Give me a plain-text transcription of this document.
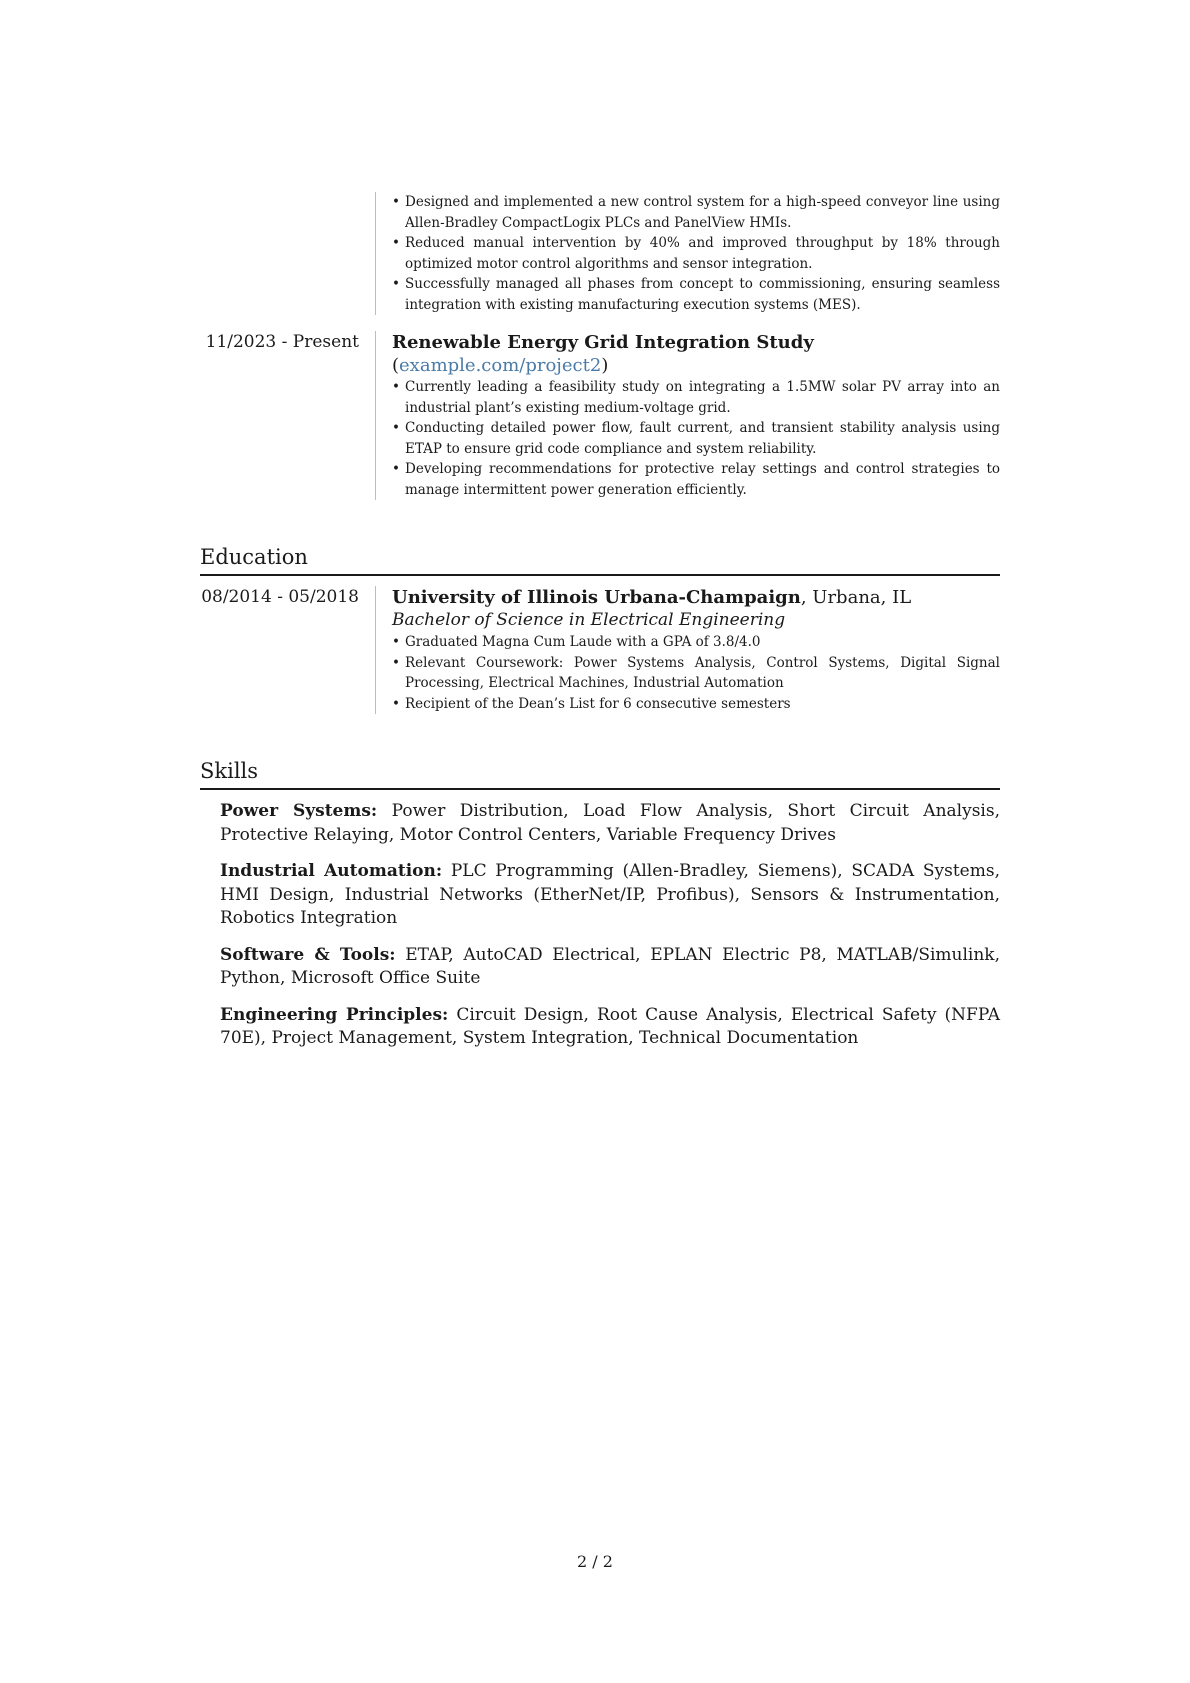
• Designed and implemented a new control system for a high-speed conveyor line using Allen-Bradley CompactLogix PLCs and PanelView HMIs.
• Reduced manual intervention by 40% and improved throughput by 18% through optimized motor control algorithms and sensor integration.
• Successfully managed all phases from concept to commissioning, ensuring seamless integration with existing manufacturing execution systems (MES).
11/2023 - Present	Renewable Energy Grid Integration Study (example.com/project2)
• Currently leading a feasibility study on integrating a 1.5MW solar PV array into an industrial plant’s existing medium-voltage grid.
• Conducting detailed power flow, fault current, and transient stability analysis using ETAP to ensure grid code compliance and system reliability.
• Developing recommendations for protective relay settings and control strategies to manage intermittent power generation efficiently.
Education
08/2014 - 05/2018	University of Illinois Urbana-Champaign, Urbana, IL
Bachelor of Science in Electrical Engineering
• Graduated Magna Cum Laude with a GPA of 3.8/4.0
• Relevant Coursework: Power Systems Analysis, Control Systems, Digital Signal Processing, Electrical Machines, Industrial Automation
• Recipient of the Dean’s List for 6 consecutive semesters
Skills
Power Systems: Power Distribution, Load Flow Analysis, Short Circuit Analysis, Protective Relaying, Motor Control Centers, Variable Frequency Drives
Industrial Automation: PLC Programming (Allen-Bradley, Siemens), SCADA Systems, HMI Design, Industrial Networks (EtherNet/IP, Profibus), Sensors & Instrumentation, Robotics Integration
Software & Tools: ETAP, AutoCAD Electrical, EPLAN Electric P8, MATLAB/Simulink, Python, Microsoft Office Suite
Engineering Principles: Circuit Design, Root Cause Analysis, Electrical Safety (NFPA 70E), Project Management, System Integration, Technical Documentation
2 / 2
